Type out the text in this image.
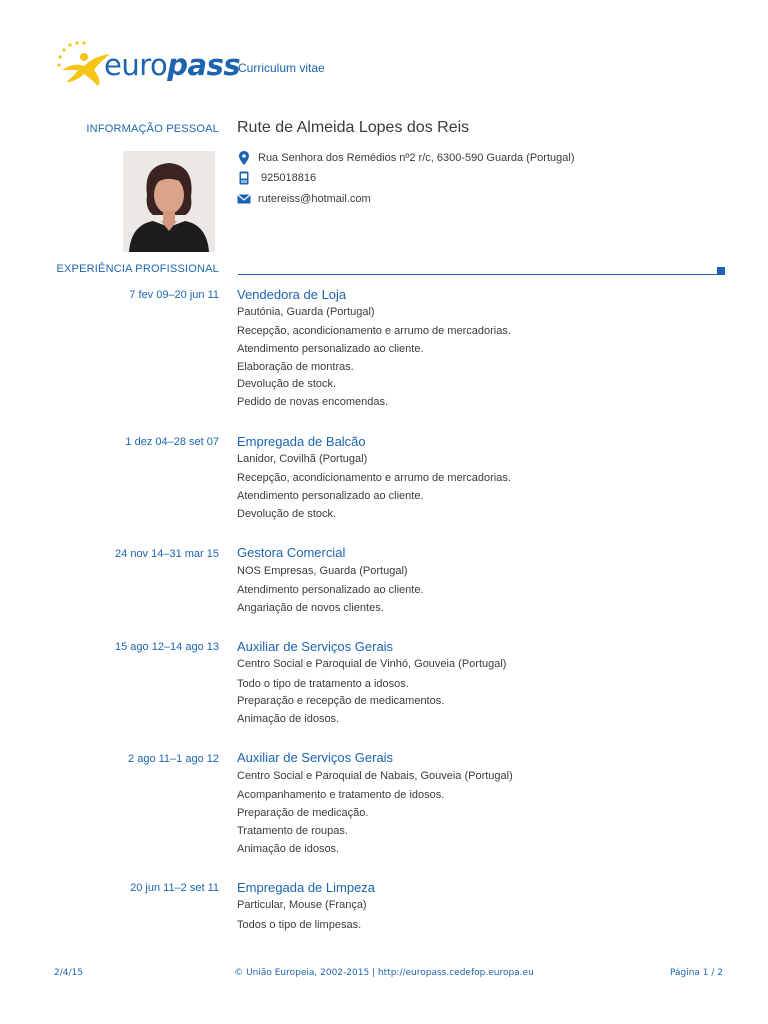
europass
Curriculum vitae
INFORMAÇÃO PESSOAL Rute de Almeida Lopes dos Reis
Rua Senhora dos Remédios nº2 r/c, 6300-590 Guarda (Portugal)
925018816
rutereiss@hotmail.com
EXPERIÊNCIA PROFISSIONAL
7 fev 09–20 jun 11 Vendedora de Loja
Pautónia, Guarda (Portugal)
Recepção, acondicionamento e arrumo de mercadorias.
Atendimento personalizado ao cliente.
Elaboração de montras.
Devolução de stock.
Pedido de novas encomendas.
1 dez 04–28 set 07 Empregada de Balcão
Lanidor, Covilhã (Portugal)
Recepção, acondicionamento e arrumo de mercadorias.
Atendimento personalizado ao cliente.
Devolução de stock.
24 nov 14–31 mar 15 Gestora Comercial
NOS Empresas, Guarda (Portugal)
Atendimento personalizado ao cliente.
Angariação de novos clientes.
15 ago 12–14 ago 13 Auxiliar de Serviços Gerais
Centro Social e Paroquial de Vinhó, Gouveia (Portugal)
Todo o tipo de tratamento a idosos.
Preparação e recepção de medicamentos.
Animação de idosos.
2 ago 11–1 ago 12 Auxiliar de Serviços Gerais
Centro Social e Paroquial de Nabais, Gouveia (Portugal)
Acompanhamento e tratamento de idosos.
Preparação de medicação.
Tratamento de roupas.
Animação de idosos.
20 jun 11–2 set 11 Empregada de Limpeza
Particular, Mouse (França)
Todos o tipo de limpesas.
2/4/15	© União Europeia, 2002-2015 | http://europass.cedefop.europa.eu	Página 1 / 2
